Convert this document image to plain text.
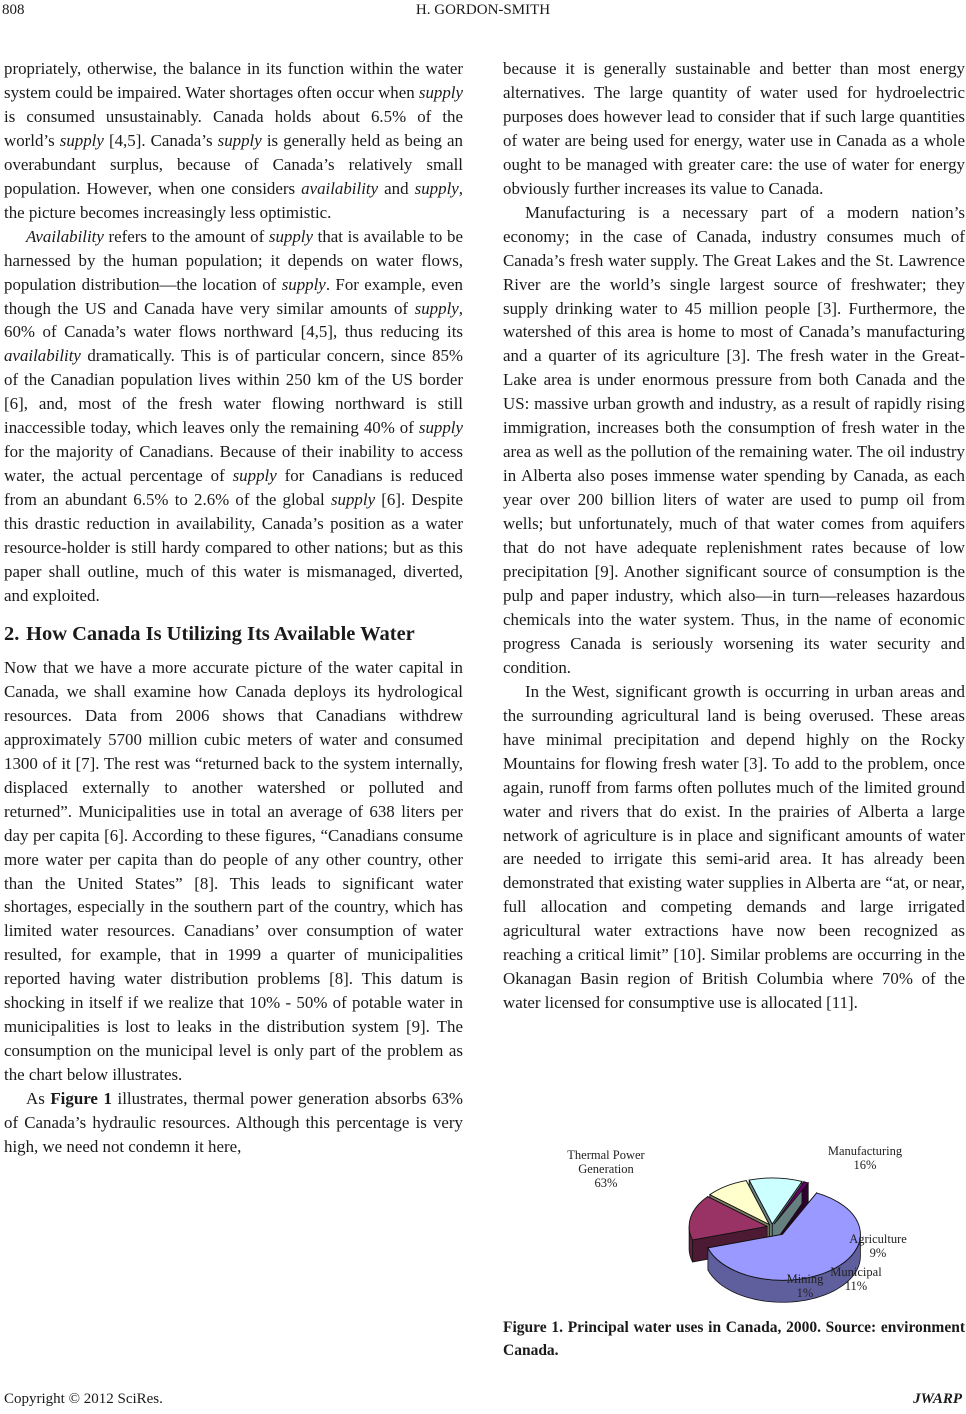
808	H. GORDON-SMITH

propriately, otherwise, the balance in its function within the water system could be impaired. Water shortages often occur when supply is consumed unsustainably. Canada holds about 6.5% of the world’s supply [4,5]. Canada’s supply is generally held as being an overabundant surplus, because of Canada’s relatively small population. However, when one considers availability and supply, the picture becomes increasingly less optimistic.

Availability refers to the amount of supply that is available to be harnessed by the human population; it depends on water flows, population distribution—the location of supply. For example, even though the US and Canada have very similar amounts of supply, 60% of Canada’s water flows northward [4,5], thus reducing its availability dramatically. This is of particular concern, since 85% of the Canadian population lives within 250 km of the US border [6], and, most of the fresh water flowing northward is still inaccessible today, which leaves only the remaining 40% of supply for the majority of Canadians. Because of their inability to access water, the actual percentage of supply for Canadians is reduced from an abundant 6.5% to 2.6% of the global supply [6]. Despite this drastic reduction in availability, Canada’s position as a water resource-holder is still hardy compared to other nations; but as this paper shall outline, much of this water is mismanaged, diverted, and exploited.

2. How Canada Is Utilizing Its Available Water

Now that we have a more accurate picture of the water capital in Canada, we shall examine how Canada deploys its hydrological resources. Data from 2006 shows that Canadians withdrew approximately 5700 million cubic meters of water and consumed 1300 of it [7]. The rest was “returned back to the system internally, displaced externally to another watershed or polluted and returned”. Municipalities use in total an average of 638 liters per day per capita [6]. According to these figures, “Canadians consume more water per capita than do people of any other country, other than the United States” [8]. This leads to significant water shortages, especially in the southern part of the country, which has limited water resources. Canadians’ over consumption of water resulted, for example, that in 1999 a quarter of municipalities reported having water distribution problems [8]. This datum is shocking in itself if we realize that 10% - 50% of potable water in municipalities is lost to leaks in the distribution system [9]. The consumption on the municipal level is only part of the problem as the chart below illustrates.

As Figure 1 illustrates, thermal power generation absorbs 63% of Canada’s hydraulic resources. Although this percentage is very high, we need not condemn it here,

because it is generally sustainable and better than most energy alternatives. The large quantity of water used for hydroelectric purposes does however lead to consider that if such large quantities of water are being used for energy, water use in Canada as a whole ought to be managed with greater care: the use of water for energy obviously further increases its value to Canada.

Manufacturing is a necessary part of a modern nation’s economy; in the case of Canada, industry consumes much of Canada’s fresh water supply. The Great Lakes and the St. Lawrence River are the world’s single largest source of freshwater; they supply drinking water to 45 million people [3]. Furthermore, the watershed of this area is home to most of Canada’s manufacturing and a quarter of its agriculture [3]. The fresh water in the Great-Lake area is under enormous pressure from both Canada and the US: massive urban growth and industry, as a result of rapidly rising immigration, increases both the consumption of fresh water in the area as well as the pollution of the remaining water. The oil industry in Alberta also poses immense water spending by Canada, as each year over 200 billion liters of water are used to pump oil from wells; but unfortunately, much of that water comes from aquifers that do not have adequate replenishment rates because of low precipitation [9]. Another significant source of consumption is the pulp and paper industry, which also—in turn—releases hazardous chemicals into the water system. Thus, in the name of economic progress Canada is seriously worsening its water security and condition.

In the West, significant growth is occurring in urban areas and the surrounding agricultural land is being overused. These areas have minimal precipitation and depend highly on the Rocky Mountains for flowing fresh water [3]. To add to the problem, once again, runoff from farms often pollutes much of the limited ground water and rivers that do exist. In the prairies of Alberta a large network of agriculture is in place and significant amounts of water are needed to irrigate this semi-arid area. It has already been demonstrated that existing water supplies in Alberta are “at, or near, full allocation and competing demands and large irrigated agricultural water extractions have now been recognized as reaching a critical limit” [10]. Similar problems are occurring in the Okanagan Basin region of British Columbia where 70% of the water licensed for consumptive use is allocated [11].

Thermal Power Generation 63%
Manufacturing 16%
Agriculture 9%
Municipal 11%
Mining 1%
Figure 1. Principal water uses in Canada, 2000. Source: environment Canada.
Copyright © 2012 SciRes.	JWARP
